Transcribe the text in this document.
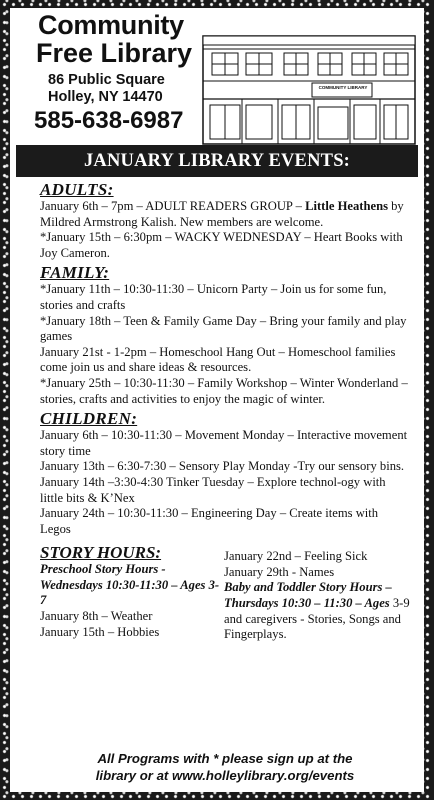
Community
Free Library
86 Public Square
Holley, NY 14470
585-638-6987
COMMUNITY LIBRARY
JANUARY LIBRARY EVENTS:
ADULTS:
January 6th – 7pm – ADULT READERS GROUP – Little Heathens by Mildred Armstrong Kalish. New members are welcome.
*January 15th – 6:30pm – WACKY WEDNESDAY – Heart Books with Joy Cameron.
FAMILY:
*January 11th – 10:30-11:30 – Unicorn Party – Join us for some fun, stories and crafts
*January 18th – Teen & Family Game Day – Bring your family and play games
January 21st - 1-2pm – Homeschool Hang Out – Homeschool families come join us and share ideas & resources.
*January 25th – 10:30-11:30 – Family Workshop – Winter Wonderland – stories, crafts and activities to enjoy the magic of winter.
CHILDREN:
January 6th – 10:30-11:30 – Movement Monday – Interactive movement story time
January 13th – 6:30-7:30 – Sensory Play Monday -Try our sensory bins.
January 14th –3:30-4:30 Tinker Tuesday – Explore technol-ogy with little bits & K’Nex
January 24th – 10:30-11:30 – Engineering Day – Create items with Legos
STORY HOURS:
Preschool Story Hours - Wednesdays 10:30-11:30 – Ages 3-7
January 8th – Weather
January 15th – Hobbies
January 22nd – Feeling Sick
January 29th - Names
Baby and Toddler Story Hours – Thursdays 10:30 – 11:30 – Ages 3-9 and caregivers - Stories, Songs and Fingerplays.
All Programs with * please sign up at the
library or at www.holleylibrary.org/events
